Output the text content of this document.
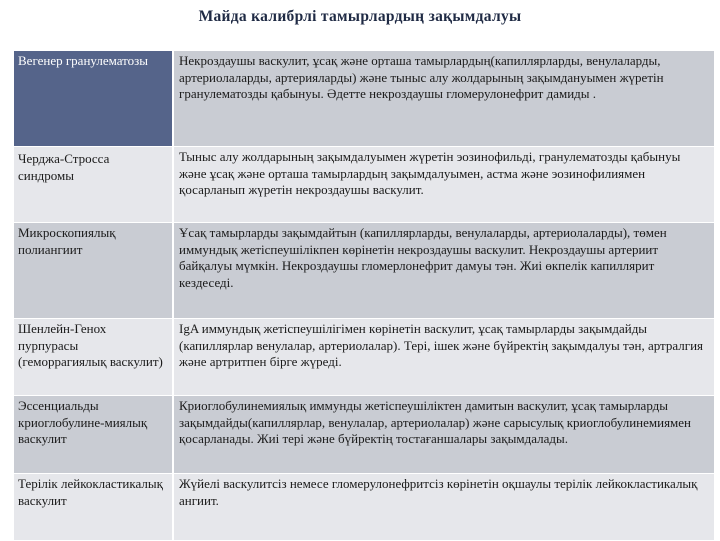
Майда калибрлі тамырлардың зақымдалуы
Вегенер гранулематозы	Некроздаушы васкулит, ұсақ және орташа тамырлардың(капиллярларды, венулаларды, артериолаларды, артерияларды) және тыныс алу жолдарының зақымдануымен жүретін гранулематозды қабынуы. Әдетте некроздаушы гломерулонефрит дамиды .
Черджа-Стросса синдромы
Тыныс алу жолдарының зақымдалуымен жүретін эозинофильді, гранулематозды қабынуы және ұсақ және орташа тамырлардың зақымдалуымен, астма және эозинофилиямен қосарланып жүретін некроздаушы васкулит.
Микроскопиялық полиангиит
Ұсақ тамырларды зақымдайтын (капиллярларды, венулаларды, артериолаларды), төмен иммундық жетіспеушілікпен көрінетін некроздаушы васкулит. Некроздаушы артериит байқалуы мүмкін. Некроздаушы гломерлонефрит дамуы тән. Жиі өкпелік капиллярит кездеседі.
Шенлейн-Генох пурпурасы (геморрагиялық васкулит)
IgA иммундық жетіспеушілігімен көрінетін васкулит, ұсақ тамырларды зақымдайды (капиллярлар венулалар, артериолалар). Тері, ішек және бүйректің зақымдалуы тән, артралгия және артритпен бірге жүреді.
Эссенциальды криоглобулине-миялық васкулит
Криоглобулинемиялық иммунды жетіспеушіліктен дамитын васкулит, ұсақ тамырларды зақымдайды(капиллярлар, венулалар, артериолалар) және сарысулық криоглобулинемиямен қосарланады. Жиі тері және бүйректің тостағаншалары зақымдалады.
Терілік лейкокластикалық васкулит
Жүйелі васкулитсіз немесе гломерулонефритсіз көрінетін оқшаулы терілік лейкокластикалық ангиит.
